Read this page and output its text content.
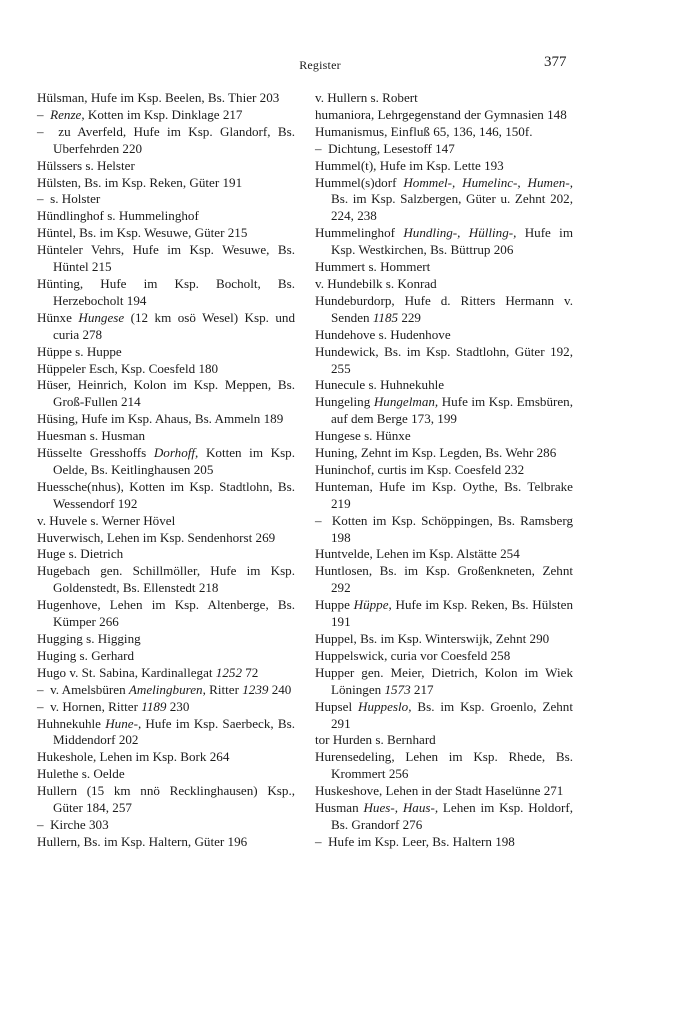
Register	377

Hülsman, Hufe im Ksp. Beelen, Bs. Thier 203

–  Renze, Kotten im Ksp. Dinklage 217

–  zu Averfeld, Hufe im Ksp. Glandorf, Bs. Uberfehrden 220

Hülssers s. Helster

Hülsten, Bs. im Ksp. Reken, Güter 191

–  s. Holster

Hündlinghof s. Hummelinghof

Hüntel, Bs. im Ksp. Wesuwe, Güter 215

Hünteler Vehrs, Hufe im Ksp. Wesuwe, Bs. Hüntel 215

Hünting, Hufe im Ksp. Bocholt, Bs. Herzebocholt 194

Hünxe Hungese (12 km osö Wesel) Ksp. und curia 278

Hüppe s. Huppe

Hüppeler Esch, Ksp. Coesfeld 180

Hüser, Heinrich, Kolon im Ksp. Meppen, Bs. Groß-Fullen 214

Hüsing, Hufe im Ksp. Ahaus, Bs. Ammeln 189

Huesman s. Husman

Hüsselte Gresshoffs Dorhoff, Kotten im Ksp. Oelde, Bs. Keitlinghausen 205

Huessche(nhus), Kotten im Ksp. Stadtlohn, Bs. Wessendorf 192

v. Huvele s. Werner Hövel

Huverwisch, Lehen im Ksp. Sendenhorst 269

Huge s. Dietrich

Hugebach gen. Schillmöller, Hufe im Ksp. Goldenstedt, Bs. Ellenstedt 218

Hugenhove, Lehen im Ksp. Altenberge, Bs. Kümper 266

Hugging s. Higging

Huging s. Gerhard

Hugo v. St. Sabina, Kardinallegat 1252 72

–  v. Amelsbüren Amelingburen, Ritter 1239 240

–  v. Hornen, Ritter 1189 230

Huhnekuhle Hune-, Hufe im Ksp. Saerbeck, Bs. Middendorf 202

Hukeshole, Lehen im Ksp. Bork 264

Hulethe s. Oelde

Hullern (15 km nnö Recklinghausen) Ksp., Güter 184, 257

–  Kirche 303

Hullern, Bs. im Ksp. Haltern, Güter 196

v. Hullern s. Robert

humaniora, Lehrgegenstand der Gymnasien 148

Humanismus, Einfluß 65, 136, 146, 150f.

–  Dichtung, Lesestoff 147

Hummel(t), Hufe im Ksp. Lette 193

Hummel(s)dorf Hommel-, Humelinc-, Humen-, Bs. im Ksp. Salzbergen, Güter u. Zehnt 202, 224, 238

Hummelinghof Hundling-, Hülling-, Hufe im Ksp. Westkirchen, Bs. Büttrup 206

Hummert s. Hommert

v. Hundebilk s. Konrad

Hundeburdorp, Hufe d. Ritters Hermann v. Senden 1185 229

Hundehove s. Hudenhove

Hundewick, Bs. im Ksp. Stadtlohn, Güter 192, 255

Hunecule s. Huhnekuhle

Hungeling Hungelman, Hufe im Ksp. Emsbüren, auf dem Berge 173, 199

Hungese s. Hünxe

Huning, Zehnt im Ksp. Legden, Bs. Wehr 286

Huninchof, curtis im Ksp. Coesfeld 232

Hunteman, Hufe im Ksp. Oythe, Bs. Telbrake 219

–  Kotten im Ksp. Schöppingen, Bs. Ramsberg 198

Huntvelde, Lehen im Ksp. Alstätte 254

Huntlosen, Bs. im Ksp. Großenkneten, Zehnt 292

Huppe Hüppe, Hufe im Ksp. Reken, Bs. Hülsten 191

Huppel, Bs. im Ksp. Winterswijk, Zehnt 290

Huppelswick, curia vor Coesfeld 258

Hupper gen. Meier, Dietrich, Kolon im Wiek Löningen 1573 217

Hupsel Huppeslo, Bs. im Ksp. Groenlo, Zehnt 291

tor Hurden s. Bernhard

Hurensedeling, Lehen im Ksp. Rhede, Bs. Krommert 256

Huskeshove, Lehen in der Stadt Haselünne 271

Husman Hues-, Haus-, Lehen im Ksp. Holdorf, Bs. Grandorf 276

–  Hufe im Ksp. Leer, Bs. Haltern 198
